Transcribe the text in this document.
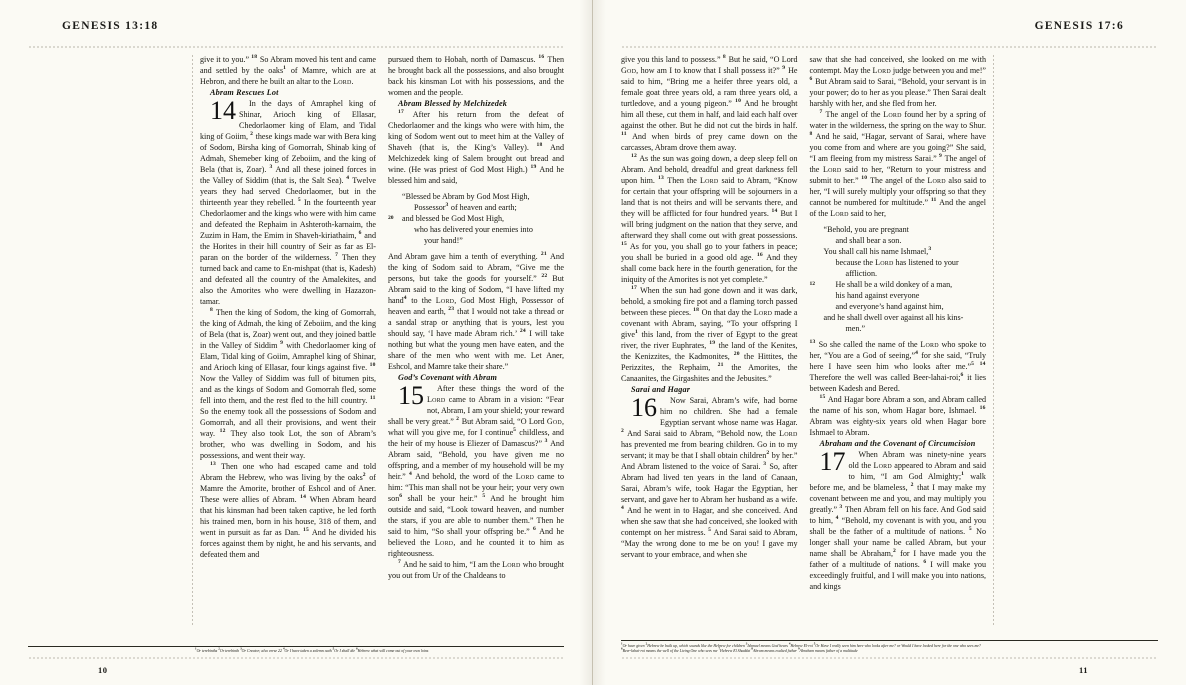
GENESIS 13:18

give it to you.” $^{18}$ So Abram moved his tent and came and settled by the oaks$^1$ of Mamre, which are at Hebron, and there he built an altar to the Lord.

Abram Rescues Lot

14 In the days of Amraphel king of Shinar, Arioch king of Ellasar, Chedorlaomer king of Elam, and Tidal king of Goiim, $^2$ these kings made war with Bera king of Sodom, Birsha king of Gomorrah, Shinab king of Admah, Shemeber king of Zeboiim, and the king of Bela (that is, Zoar). $^3$ And all these joined forces in the Valley of Siddim (that is, the Salt Sea). $^4$ Twelve years they had served Chedorlaomer, but in the thirteenth year they rebelled. $^5$ In the fourteenth year Chedorlaomer and the kings who were with him came and defeated the Rephaim in Ashteroth-karnaim, the Zuzim in Ham, the Emim in Shaveh-kiriathaim, $^6$ and the Horites in their hill country of Seir as far as El-paran on the border of the wilderness. $^7$ Then they turned back and came to En-mishpat (that is, Kadesh) and defeated all the country of the Amalekites, and also the Amorites who were dwelling in Hazazon-tamar.

$^8$ Then the king of Sodom, the king of Gomorrah, the king of Admah, the king of Zeboiim, and the king of Bela (that is, Zoar) went out, and they joined battle in the Valley of Siddim $^9$ with Chedorlaomer king of Elam, Tidal king of Goiim, Amraphel king of Shinar, and Arioch king of Ellasar, four kings against five. $^{10}$ Now the Valley of Siddim was full of bitumen pits, and as the kings of Sodom and Gomorrah fled, some fell into them, and the rest fled to the hill country. $^{11}$ So the enemy took all the possessions of Sodom and Gomorrah, and all their provisions, and went their way. $^{12}$ They also took Lot, the son of Abram’s brother, who was dwelling in Sodom, and his possessions, and went their way.

$^{13}$ Then one who had escaped came and told Abram the Hebrew, who was living by the oaks$^2$ of Mamre the Amorite, brother of Eshcol and of Aner. These were allies of Abram. $^{14}$ When Abram heard that his kinsman had been taken captive, he led forth his trained men, born in his house, 318 of them, and went in pursuit as far as Dan. $^{15}$ And he divided his forces against them by night, he and his servants, and defeated them and

pursued them to Hobah, north of Damascus. $^{16}$ Then he brought back all the possessions, and also brought back his kinsman Lot with his possessions, and the women and the people.

Abram Blessed by Melchizedek

$^{17}$ After his return from the defeat of Chedorlaomer and the kings who were with him, the king of Sodom went out to meet him at the Valley of Shaveh (that is, the King’s Valley). $^{18}$ And Melchizedek king of Salem brought out bread and wine. (He was priest of God Most High.) $^{19}$ And he blessed him and said,

“Blessed be Abram by God Most High,

Possessor$^3$ of heaven and earth;

20 and blessed be God Most High,

who has delivered your enemies into

your hand!”

And Abram gave him a tenth of everything. $^{21}$ And the king of Sodom said to Abram, “Give me the persons, but take the goods for yourself.” $^{22}$ But Abram said to the king of Sodom, “I have lifted my hand$^4$ to the Lord, God Most High, Possessor of heaven and earth, $^{23}$ that I would not take a thread or a sandal strap or anything that is yours, lest you should say, ‘I have made Abram rich.’ $^{24}$ I will take nothing but what the young men have eaten, and the share of the men who went with me. Let Aner, Eshcol, and Mamre take their share.”

God’s Covenant with Abram

15 After these things the word of the Lord came to Abram in a vision: “Fear not, Abram, I am your shield; your reward shall be very great.” $^2$ But Abram said, “O Lord God, what will you give me, for I continue$^5$ childless, and the heir of my house is Eliezer of Damascus?” $^3$ And Abram said, “Behold, you have given me no offspring, and a member of my household will be my heir.” $^4$ And behold, the word of the Lord came to him: “This man shall not be your heir; your very own son$^6$ shall be your heir.” $^5$ And he brought him outside and said, “Look toward heaven, and number the stars, if you are able to number them.” Then he said to him, “So shall your offspring be.” $^6$ And he believed the Lord, and he counted it to him as righteousness.

$^7$ And he said to him, “I am the Lord who brought you out from Ur of the Chaldeans to

$^1$Or terebinths $^2$Or terebinth $^3$Or Creator; also verse 22 $^4$Or I have taken a solemn oath $^5$Or I shall die $^6$Hebrew what will come out of your own loins
10
GENESIS 17:6

give you this land to possess.” $^8$ But he said, “O Lord God, how am I to know that I shall possess it?” $^9$ He said to him, “Bring me a heifer three years old, a female goat three years old, a ram three years old, a turtledove, and a young pigeon.” $^{10}$ And he brought him all these, cut them in half, and laid each half over against the other. But he did not cut the birds in half. $^{11}$ And when birds of prey came down on the carcasses, Abram drove them away.

$^{12}$ As the sun was going down, a deep sleep fell on Abram. And behold, dreadful and great darkness fell upon him. $^{13}$ Then the Lord said to Abram, “Know for certain that your offspring will be sojourners in a land that is not theirs and will be servants there, and they will be afflicted for four hundred years. $^{14}$ But I will bring judgment on the nation that they serve, and afterward they shall come out with great possessions. $^{15}$ As for you, you shall go to your fathers in peace; you shall be buried in a good old age. $^{16}$ And they shall come back here in the fourth generation, for the iniquity of the Amorites is not yet complete.”

$^{17}$ When the sun had gone down and it was dark, behold, a smoking fire pot and a flaming torch passed between these pieces. $^{18}$ On that day the Lord made a covenant with Abram, saying, “To your offspring I give$^1$ this land, from the river of Egypt to the great river, the river Euphrates, $^{19}$ the land of the Kenites, the Kenizzites, the Kadmonites, $^{20}$ the Hittites, the Perizzites, the Rephaim, $^{21}$ the Amorites, the Canaanites, the Girgashites and the Jebusites.”

Sarai and Hagar

16 Now Sarai, Abram’s wife, had borne him no children. She had a female Egyptian servant whose name was Hagar. $^2$ And Sarai said to Abram, “Behold now, the Lord has prevented me from bearing children. Go in to my servant; it may be that I shall obtain children$^2$ by her.” And Abram listened to the voice of Sarai. $^3$ So, after Abram had lived ten years in the land of Canaan, Sarai, Abram’s wife, took Hagar the Egyptian, her servant, and gave her to Abram her husband as a wife. $^4$ And he went in to Hagar, and she conceived. And when she saw that she had conceived, she looked with contempt on her mistress. $^5$ And Sarai said to Abram, “May the wrong done to me be on you! I gave my servant to your embrace, and when she

saw that she had conceived, she looked on me with contempt. May the Lord judge between you and me!” $^6$ But Abram said to Sarai, “Behold, your servant is in your power; do to her as you please.” Then Sarai dealt harshly with her, and she fled from her.

$^7$ The angel of the Lord found her by a spring of water in the wilderness, the spring on the way to Shur. $^8$ And he said, “Hagar, servant of Sarai, where have you come from and where are you going?” She said, “I am fleeing from my mistress Sarai.” $^9$ The angel of the Lord said to her, “Return to your mistress and submit to her.” $^{10}$ The angel of the Lord also said to her, “I will surely multiply your offspring so that they cannot be numbered for multitude.” $^{11}$ And the angel of the Lord said to her,

“Behold, you are pregnant

and shall bear a son.

You shall call his name Ishmael,$^3$

because the Lord has listened to your

affliction.

12	He shall be a wild donkey of a man,

his hand against everyone

and everyone’s hand against him,

and he shall dwell over against all his kins-

men.”

$^{13}$ So she called the name of the Lord who spoke to her, “You are a God of seeing,”$^4$ for she said, “Truly here I have seen him who looks after me.”$^5$ $^{14}$ Therefore the well was called Beer-lahai-roi;$^6$ it lies between Kadesh and Bered.

$^{15}$ And Hagar bore Abram a son, and Abram called the name of his son, whom Hagar bore, Ishmael. $^{16}$ Abram was eighty-six years old when Hagar bore Ishmael to Abram.

Abraham and the Covenant of Circumcision

17 When Abram was ninety-nine years old the Lord appeared to Abram and said to him, “I am God Almighty;$^1$ walk before me, and be blameless, $^2$ that I may make my covenant between me and you, and may multiply you greatly.” $^3$ Then Abram fell on his face. And God said to him, $^4$ “Behold, my covenant is with you, and you shall be the father of a multitude of nations. $^5$ No longer shall your name be called Abram, but your name shall be Abraham,$^2$ for I have made you the father of a multitude of nations. $^6$ I will make you exceedingly fruitful, and I will make you into nations, and kings

$^1$Or have given $^2$Hebrew be built up, which sounds like the Hebrew for children $^3$Ishmael means God hears $^4$Hebrew El-roi $^5$Or Have I really seen him here who looks after me? or Would I have looked here for the one who sees me? $^6$Beer-lahai-roi means the well of the Living One who sees me $^7$Hebrew El Shaddai $^8$Abram means exalted father $^9$Abraham means father of a multitude
11
